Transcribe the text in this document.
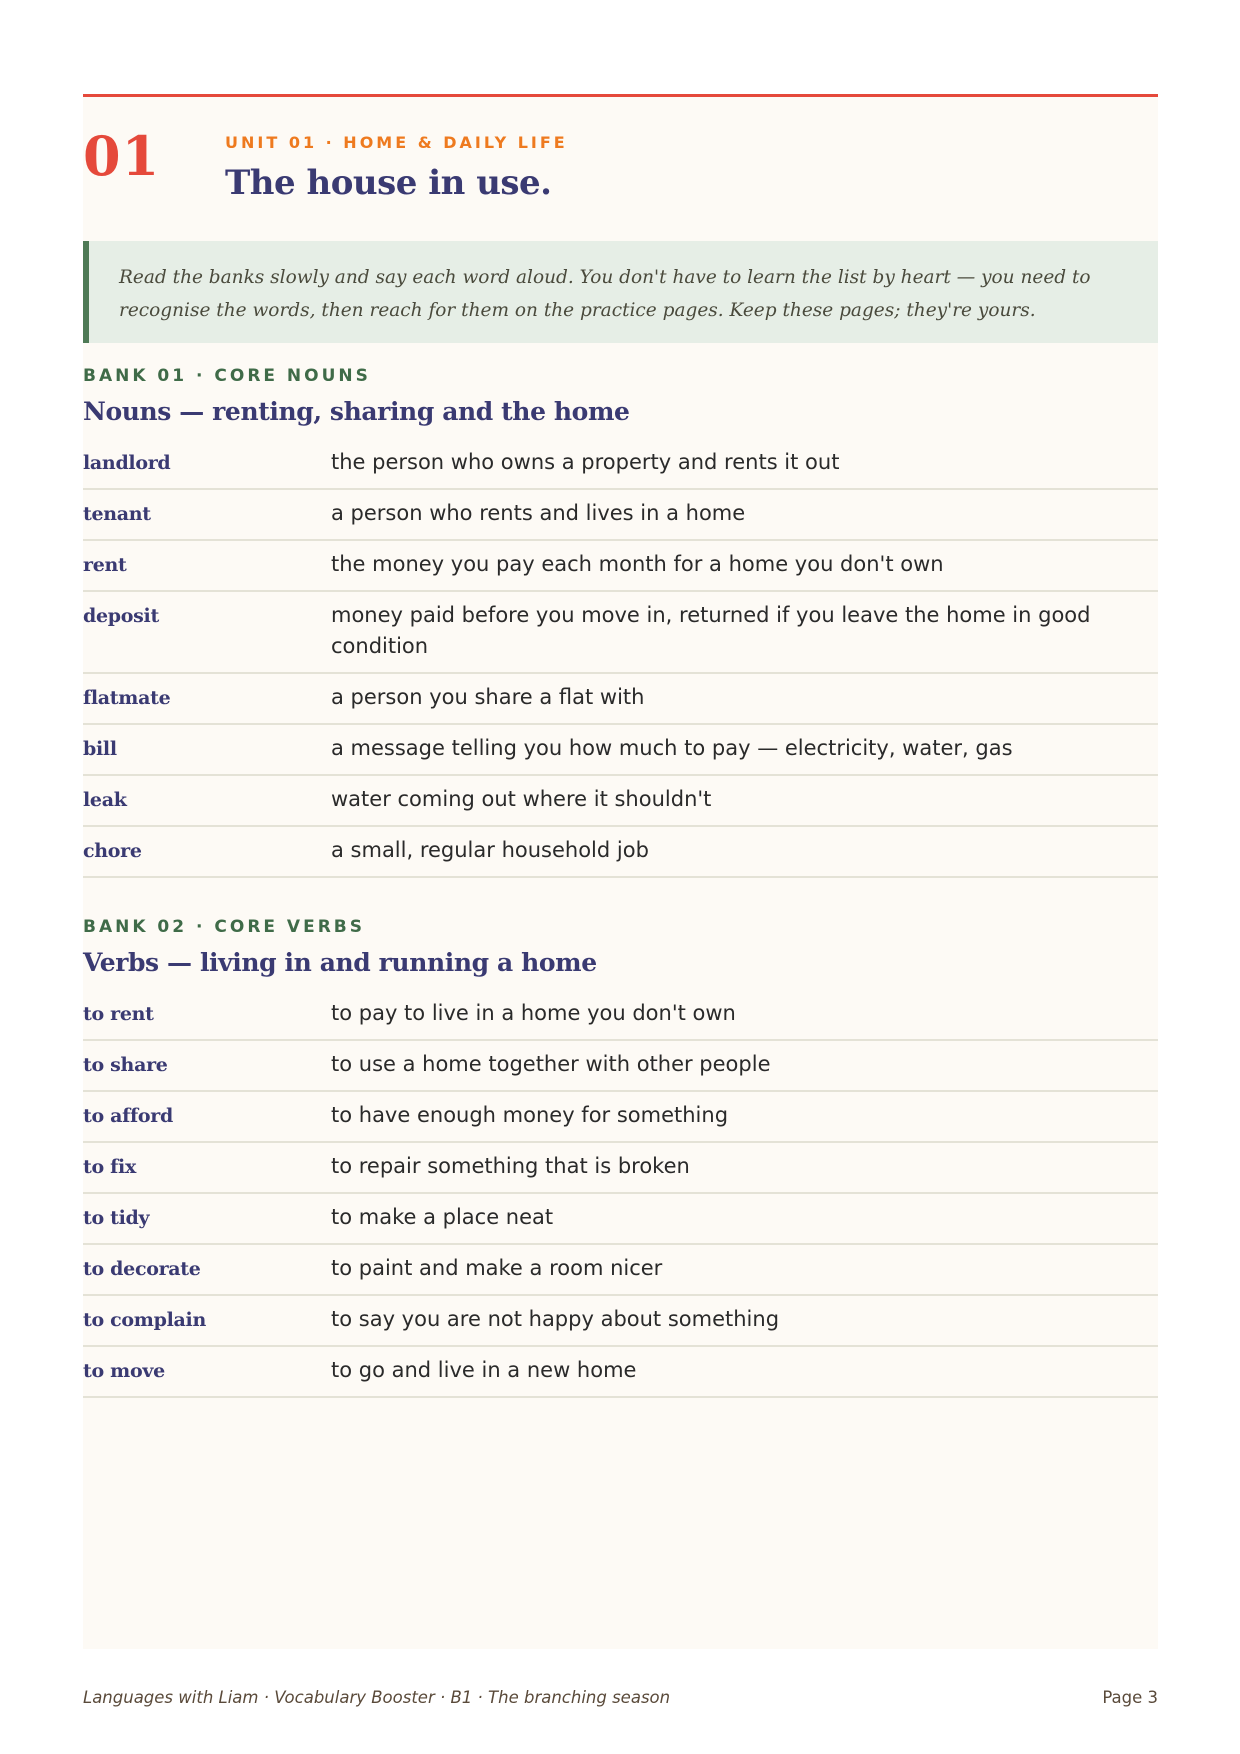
01	UNIT 01 · HOME & DAILY LIFE
The house in use.
Read the banks slowly and say each word aloud. You don't have to learn the list by heart — you need to recognise the words, then reach for them on the practice pages. Keep these pages; they're yours.
BANK 01 · CORE NOUNS
Nouns — renting, sharing and the home
landlord	the person who owns a property and rents it out
tenant	a person who rents and lives in a home
rent	the money you pay each month for a home you don't own
deposit	money paid before you move in, returned if you leave the home in good condition
flatmate	a person you share a flat with
bill	a message telling you how much to pay — electricity, water, gas
leak	water coming out where it shouldn't
chore	a small, regular household job
BANK 02 · CORE VERBS
Verbs — living in and running a home
to rent	to pay to live in a home you don't own
to share	to use a home together with other people
to afford	to have enough money for something
to fix	to repair something that is broken
to tidy	to make a place neat
to decorate	to paint and make a room nicer
to complain	to say you are not happy about something
to move	to go and live in a new home
Languages with Liam · Vocabulary Booster · B1 · The branching season	Page 3
